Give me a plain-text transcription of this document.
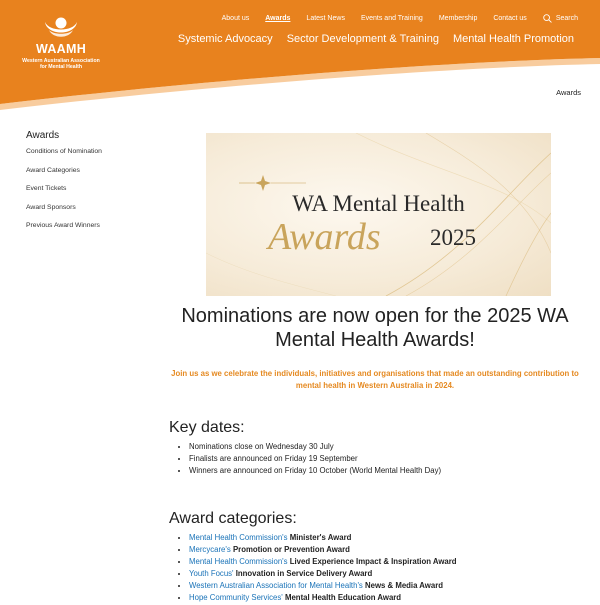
WAAMH
Western Australian Association
for Mental Health
About us Awards Latest News Events and Training Membership Contact us	Search
Systemic Advocacy Sector Development & Training Mental Health Promotion
Awards
Awards
Conditions of Nomination
Award Categories
Event Tickets
Award Sponsors
Previous Award Winners
WA Mental Health
Awards 2025
Nominations are now open for the 2025 WA Mental Health Awards!
Join us as we celebrate the individuals, initiatives and organisations that made an outstanding contribution to mental health in Western Australia in 2024.
Key dates:
• Nominations close on Wednesday 30 July
• Finalists are announced on Friday 19 September
• Winners are announced on Friday 10 October (World Mental Health Day)
Award categories:
• Mental Health Commission's Minister's Award
• Mercycare's Promotion or Prevention Award
• Mental Health Commission's Lived Experience Impact & Inspiration Award
• Youth Focus' Innovation in Service Delivery Award
• Western Australian Association for Mental Health's News & Media Award
• Hope Community Services' Mental Health Education Award
